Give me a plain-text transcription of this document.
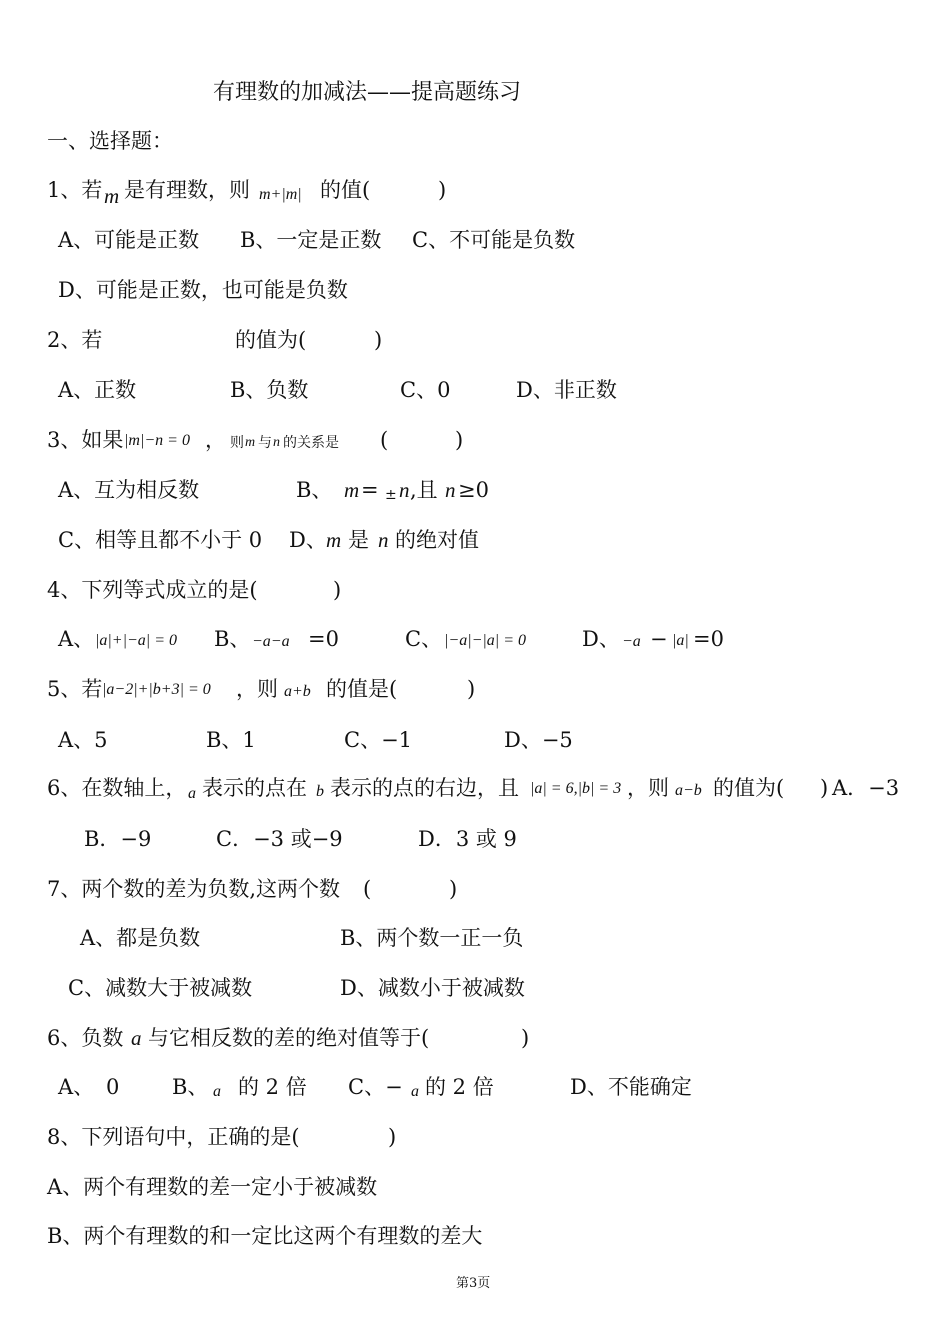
有理数的加减法——提高题练习
一、选择题：
1、若 m 是有理数，则 m+|m| 的值(	)
A、可能是正数 B、一定是正数 C、不可能是负数
D、可能是正数，也可能是负数
2、若	的值为(	)
A、正数	B、负数	C、0	D、非正数
3、如果 |m|−n = 0 ， 则 m 与 n 的关系是 (	)
A、互为相反数	B、 m = ± n ,且 n ≥0
C、相等且都不小于 0 D、 m 是 n 的绝对值
4、下列等式成立的是(	)
A、 |a|+|−a| = 0 B、 −a−a =0	C、 |−a|−|a| = 0	D、 −a − |a| =0
5、若 |a−2|+|b+3| = 0 ，则 a+b 的值是(	)
A、5	B、1	C、−1	D、−5
6、在数轴上， a 表示的点在 b 表示的点的右边，且 |a| = 6,|b| = 3 ，则 a−b 的值为( ) A．−3
B．−9	C．−3 或−9	D．3 或 9
7、两个数的差为负数,这两个数 (	)
A、都是负数	B、两个数一正一负
C、减数大于被减数	D、减数小于被减数
6、负数 a 与它相反数的差的绝对值等于(	)
A、 0	B、 a 的 2 倍 C、− a 的 2 倍	D、不能确定
8、下列语句中，正确的是(	)
A、两个有理数的差一定小于被减数
B、两个有理数的和一定比这两个有理数的差大
第3页
